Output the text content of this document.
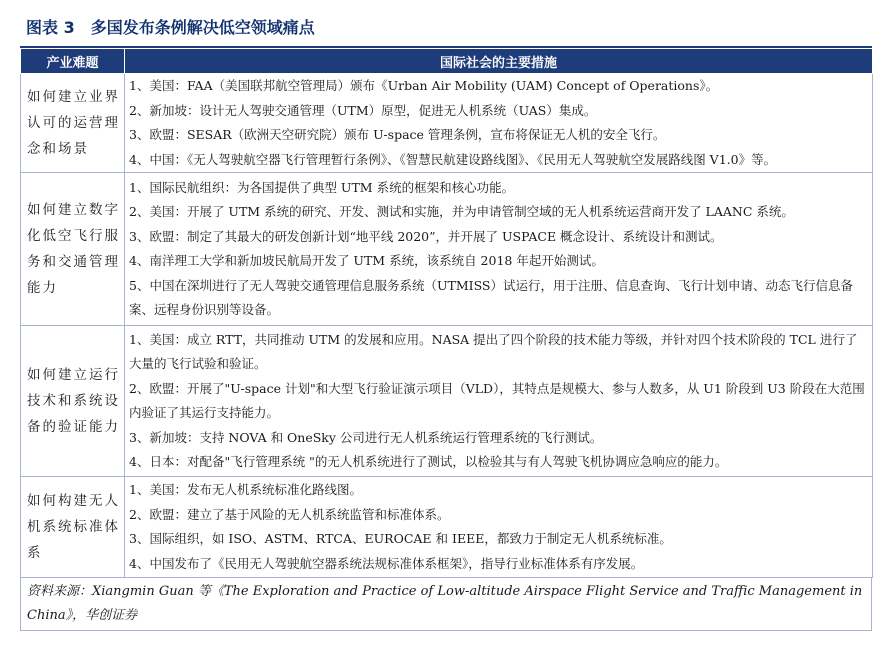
图表 3　多国发布条例解决低空领域痛点
产业难题	国际社会的主要措施
如何建立业界认可的运营理念和场景	1、美国：FAA（美国联邦航空管理局）颁布《Urban Air Mobility (UAM) Concept of Operations》。
2、新加坡：设计无人驾驶交通管理（UTM）原型，促进无人机系统（UAS）集成。
3、欧盟：SESAR（欧洲天空研究院）颁布 U-space 管理条例，宣布将保证无人机的安全飞行。
4、中国：《无人驾驶航空器飞行管理暂行条例》、《智慧民航建设路线图》、《民用无人驾驶航空发展路线图 V1.0》等。

如何建立数字化低空飞行服务和交通管理能力	1、国际民航组织：为各国提供了典型 UTM 系统的框架和核心功能。
2、美国：开展了 UTM 系统的研究、开发、测试和实施，并为申请管制空域的无人机系统运营商开发了 LAANC 系统。
3、欧盟：制定了其最大的研发创新计划“地平线 2020”，并开展了 USPACE 概念设计、系统设计和测试。
4、南洋理工大学和新加坡民航局开发了 UTM 系统，该系统自 2018 年起开始测试。
5、中国在深圳进行了无人驾驶交通管理信息服务系统（UTMISS）试运行，用于注册、信息查询、飞行计划申请、动态飞行信息备案、远程身份识别等设备。

如何建立运行技术和系统设备的验证能力	1、美国：成立 RTT，共同推动 UTM 的发展和应用。NASA 提出了四个阶段的技术能力等级，并针对四个技术阶段的 TCL 进行了大量的飞行试验和验证。
2、欧盟：开展了"U-space 计划"和大型飞行验证演示项目（VLD），其特点是规模大、参与人数多，从 U1 阶段到 U3 阶段在大范围内验证了其运行支持能力。
3、新加坡：支持 NOVA 和 OneSky 公司进行无人机系统运行管理系统的飞行测试。
4、日本：对配备"飞行管理系统 "的无人机系统进行了测试，以检验其与有人驾驶飞机协调应急响应的能力。

如何构建无人机系统标准体系	1、美国：发布无人机系统标准化路线图。
2、欧盟：建立了基于风险的无人机系统监管和标准体系。
3、国际组织，如 ISO、ASTM、RTCA、EUROCAE 和 IEEE，都致力于制定无人机系统标准。
4、中国发布了《民用无人驾驶航空器系统法规标准体系框架》，指导行业标准体系有序发展。
资料来源：Xiangmin Guan 等《The Exploration and Practice of Low-altitude Airspace Flight Service and Traffic Management in China》，华创证券
